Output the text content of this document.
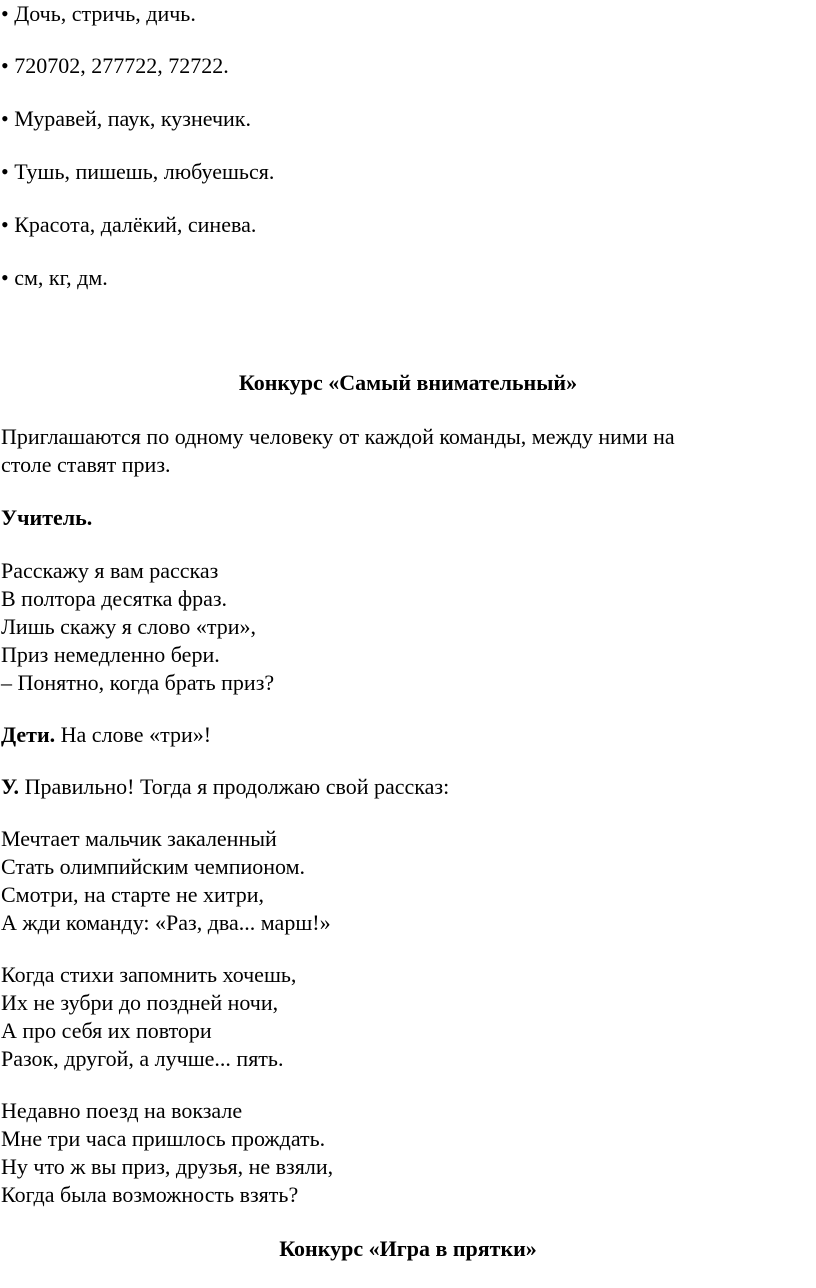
• Дочь, стричь, дичь.
• 720702, 277722, 72722.
• Муравей, паук, кузнечик.
• Тушь, пишешь, любуешься.
• Красота, далёкий, синева.
• см, кг, дм.
Конкурс «Самый внимательный»
Приглашаются по одному человеку от каждой команды, между ними на
столе ставят приз.
Учитель.
Расскажу я вам рассказ
В полтора десятка фраз.
Лишь скажу я слово «три»,
Приз немедленно бери.
– Понятно, когда брать приз?
Дети. На слове «три»!
У. Правильно! Тогда я продолжаю свой рассказ:
Мечтает мальчик закаленный
Стать олимпийским чемпионом.
Смотри, на старте не хитри,
А жди команду: «Раз, два... марш!»
Когда стихи запомнить хочешь,
Их не зубри до поздней ночи,
А про себя их повтори
Разок, другой, а лучше... пять.
Недавно поезд на вокзале
Мне три часа пришлось прождать.
Ну что ж вы приз, друзья, не взяли,
Когда была возможность взять?
Конкурс «Игра в прятки»
